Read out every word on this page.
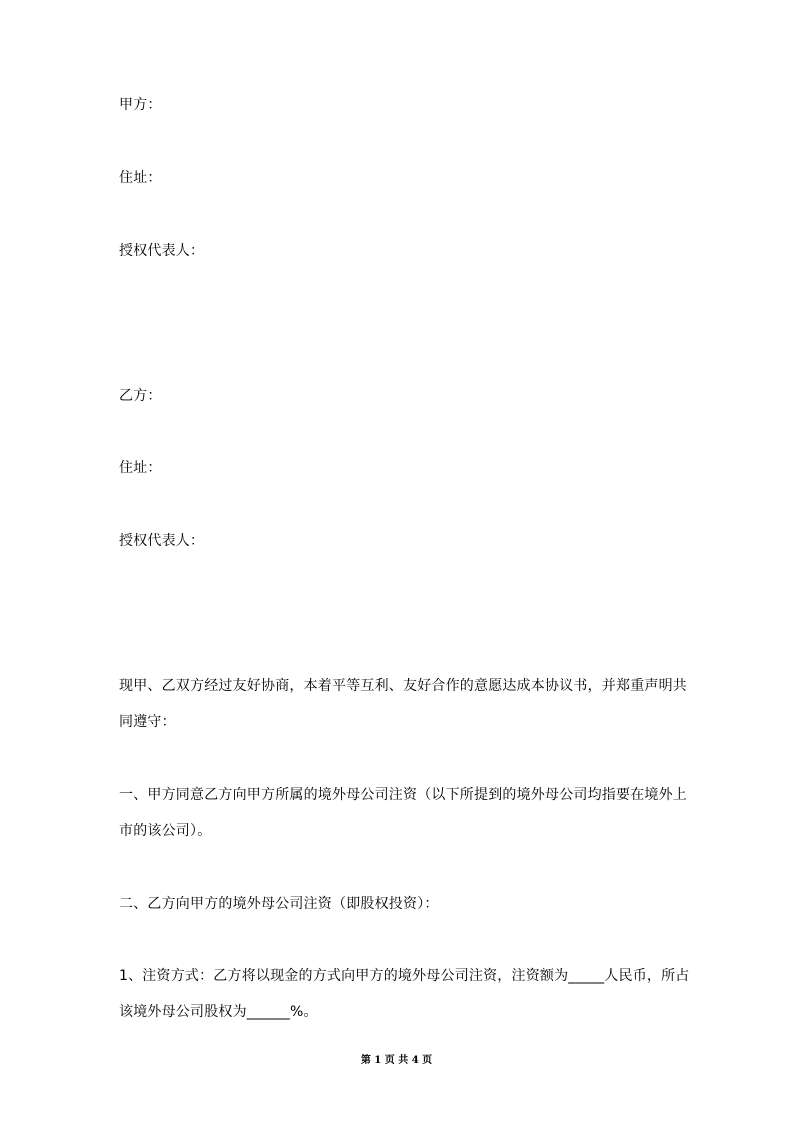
甲方：
住址：
授权代表人：
乙方：
住址：
授权代表人：
现甲、乙双方经过友好协商，本着平等互利、友好合作的意愿达成本协议书，并郑重声明共
同遵守：
一、甲方同意乙方向甲方所属的境外母公司注资（以下所提到的境外母公司均指要在境外上
市的该公司）。
二、乙方向甲方的境外母公司注资（即股权投资）：
1、注资方式：乙方将以现金的方式向甲方的境外母公司注资，注资额为_____人民币，所占
该境外母公司股权为______%。
第 1 页 共 4 页
